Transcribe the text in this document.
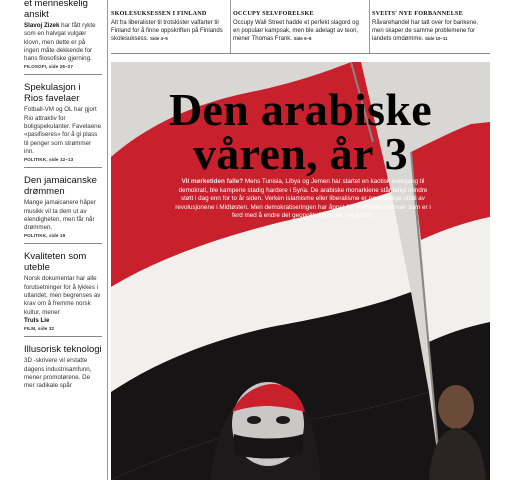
et menneskelig
ansikt
Slavoj Zizek har fått rykte som en halvgal vulgær klovn, men dette er på ingen måte dekkende for hans filosofiske gjerning.
FILOSOFI, side 26–27
Spekulasjon i Rios favelaer
Fotball-VM og OL har gjort Rio attraktiv for boligspekulanter. Favelaene «pasifiseres» for å gi plass til penger som strømmer inn.
POLITIKK, side 12–13
Den jamaicanske drømmen
Mange jamaicanere håper musikk vil ta dem ut av elendigheten, men får når drømmen.
POLITIKK, side 19
Kvaliteten som uteble
Norsk dokumentar har alle forutsetninger for å lykkes i utlandet, men begrenses av krav om å fremme norsk kultur, mener
Truls Lie
FILM, side 32
Illusorisk teknologi
3D -skrivere vil erstatte dagens industrisamfunn, mener promotørene. De mer radikale spår
SKOLESUKSESSEN I FINLAND
Alt fra liberalister til trotskister valfarter til Finland for å finne oppskriften på Finlands skolesuksess. Side 4–5
OCCUPY SELVFORELSKE
Occupy Wall Street hadde et perfekt slagord og en populær kampsak, men ble adelagt av teori, mener Thomas Frank. Side 6–8
SVEITS' NYE FORBANNELSE
Råvarehandel har tatt over for bankene, men skaper de samme problemene for landets omdømme. Side 10–11
Den arabiske
våren, år 3
Vil mørketiden falle? Mens Tunisia, Libya og Jemen har startet en kaotisk overgang til demokrati, ble kampene stadig hardere i Syria. De arabiske monarkiene står langt mindre støtt i dag enn for to år siden. Verken islamisme eller liberalisme er nødvendige utfall av revolusjonene i Midtøsten. Men demokratiseringen har åpnet for uventede allianser som er i ferd med å endre det geopolitiske kartet i regionen.
Side 16–18
